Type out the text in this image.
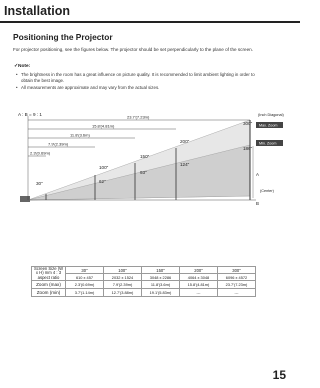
Installation
Positioning the Projector
For projector positioning, see the figures below. The projector should be set perpendicularly to the plane of the screen.
✓Note:
• The brightness in the room has a great influence on picture quality. It is recommended to limit ambient lighting in order to obtain the best image.
• All measurements are approximate and may vary from the actual sizes.
A : B = 9 : 1	(Inch Diagonal)
Max. Zoom
Min. Zoom
(Center)
A
B
23.7'(7.23m)
15.8'(4.81m)
11.8'(3.6m)
7.9'(2.39m)
2.3'(0.69m)
300"
200"
150"
100"
30"
186"
124"
93"
62"
Screen Size (W x H) mm 4 : 3 aspect ratio	30"	100"	150"	200"	300"
	610 x 457	2032 x 1524	3048 x 2286	4064 x 3048	6096 x 4572
Zoom (max)	2.3'(0.69m)	7.9'(2.39m)	11.8'(3.6m)	15.8'(4.81m)	23.7'(7.23m)
Zoom (min)	3.7'(1.14m)	12.7'(3.88m)	19.1'(5.83m)	---	---
15
